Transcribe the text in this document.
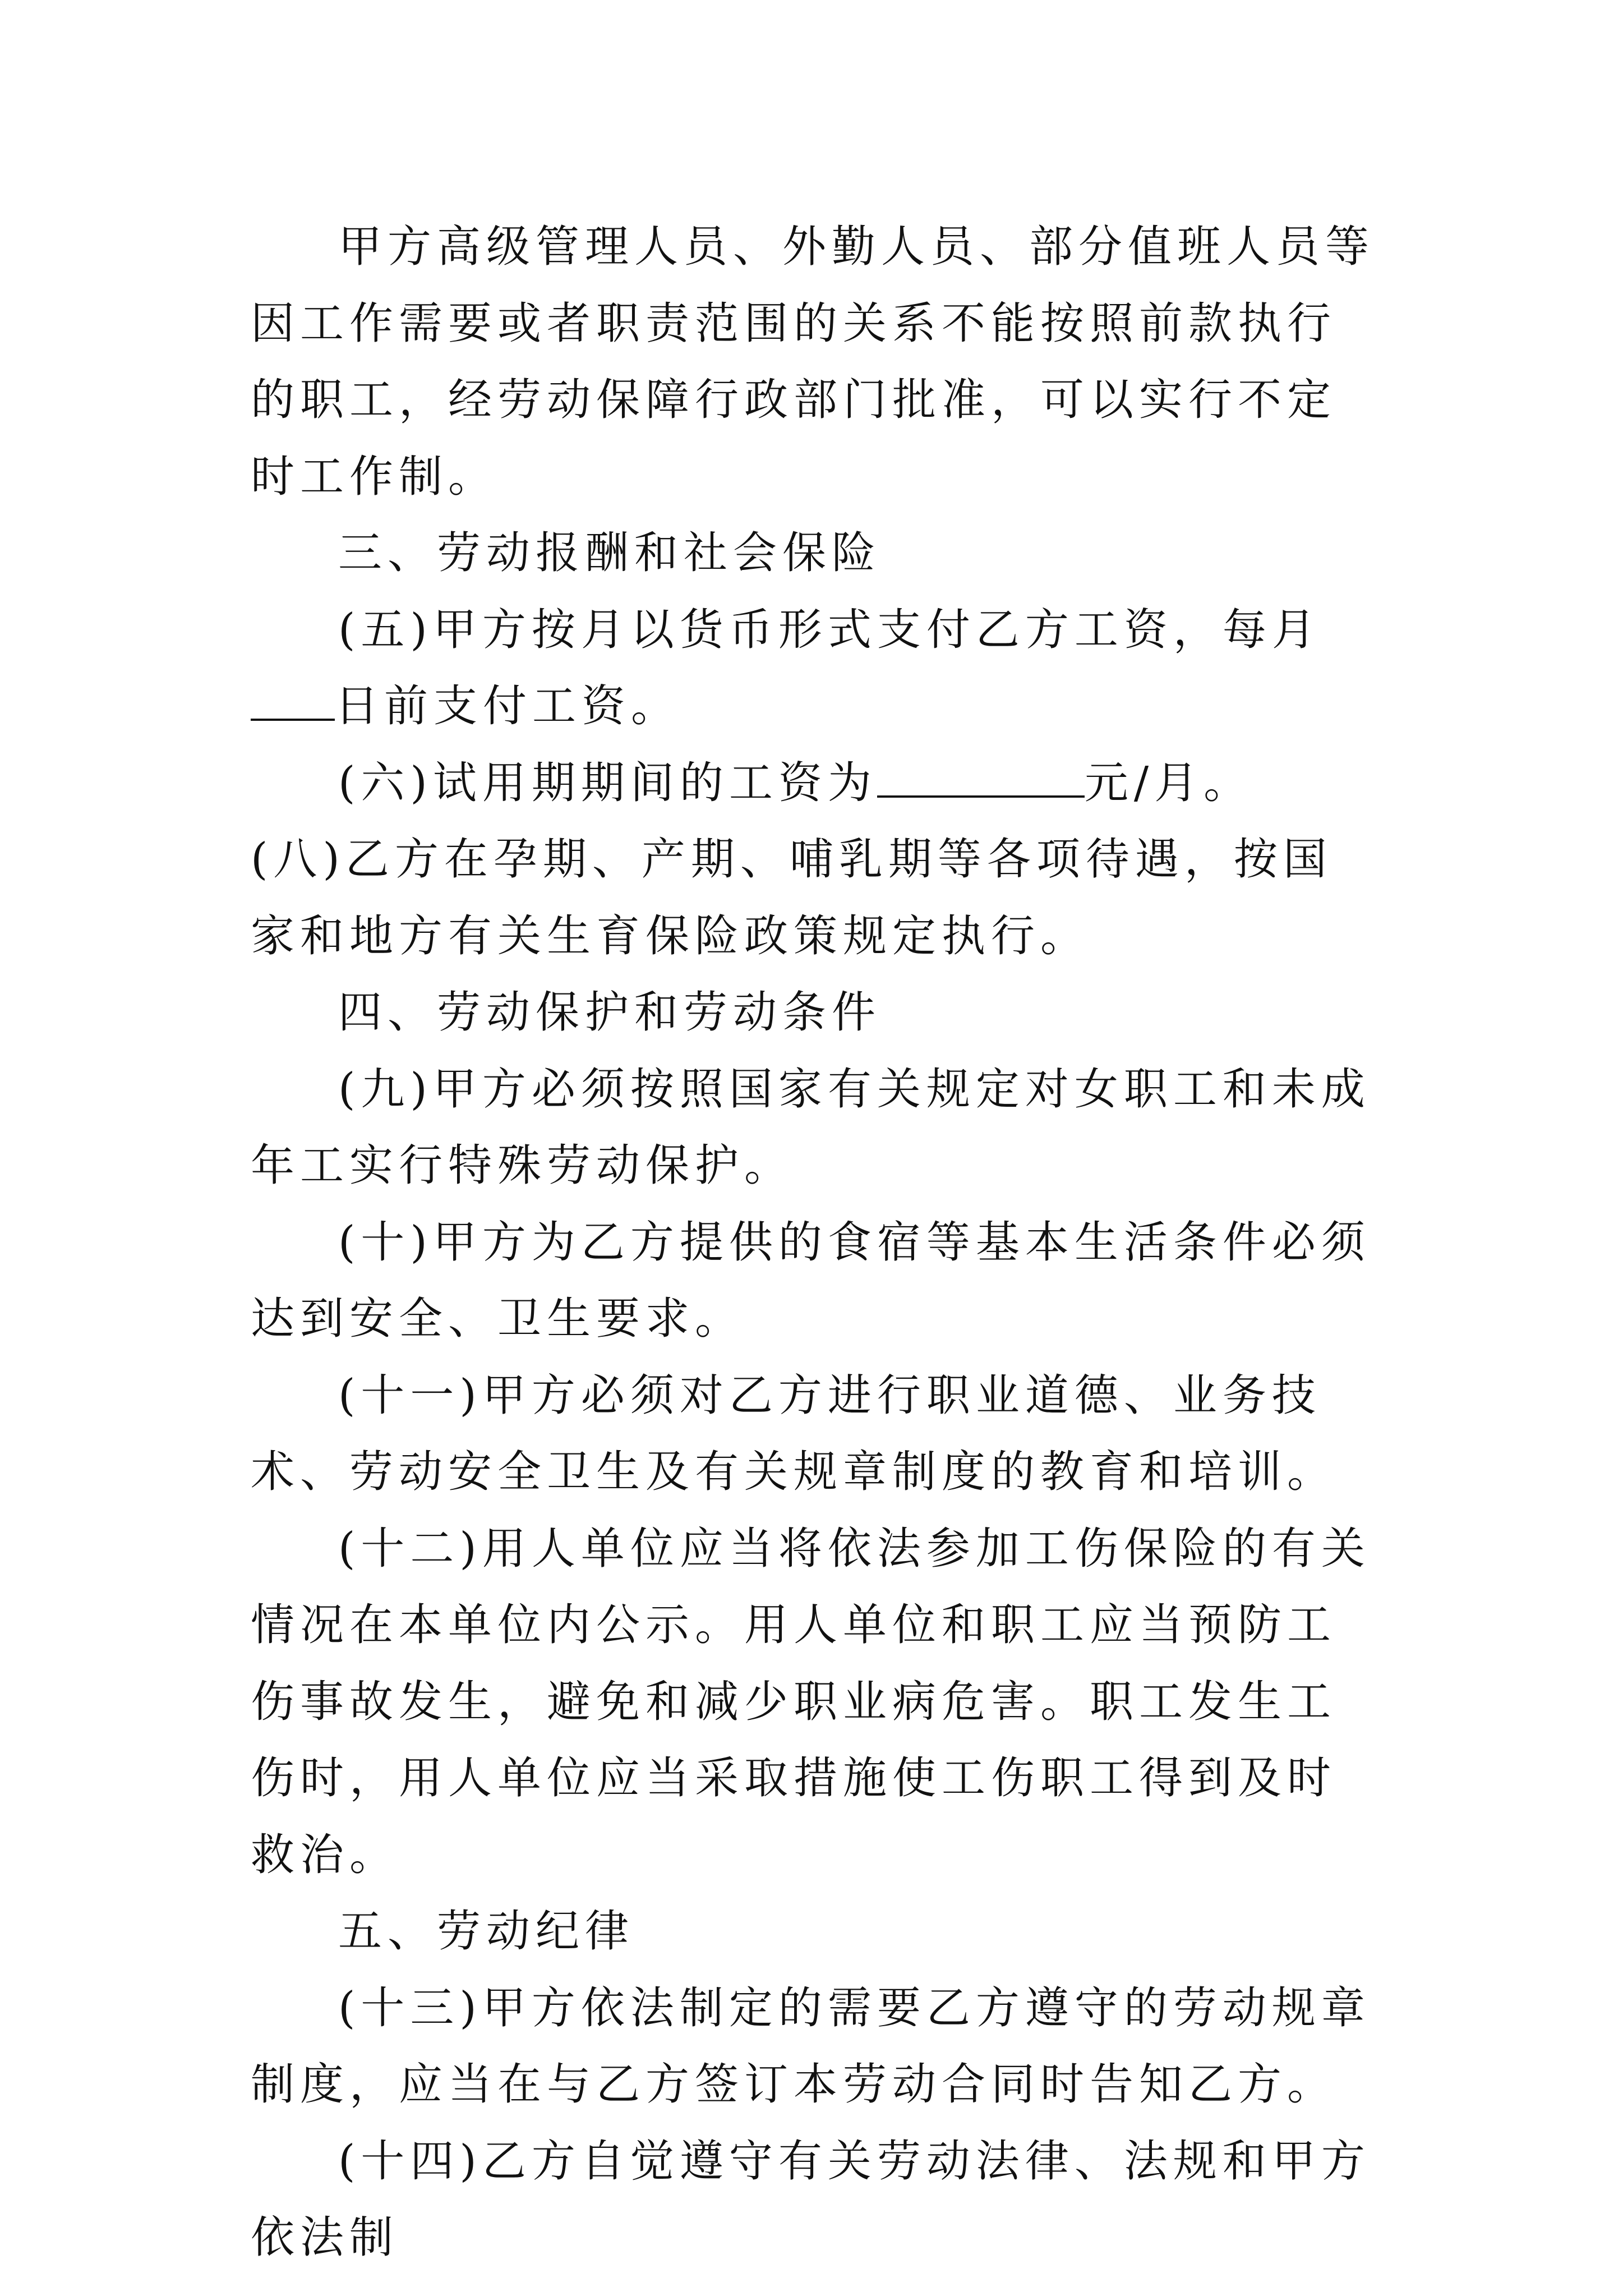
甲方高级管理人员、外勤人员、部分值班人员等因工作需要或者职责范围的关系不能按照前款执行的职工，经劳动保障行政部门批准，可以实行不定时工作制。

三、劳动报酬和社会保险

(五)甲方按月以货币形式支付乙方工资，每月日前支付工资。

(六)试用期期间的工资为	元/月。　　(八)乙方在孕期、产期、哺乳期等各项待遇，按国家和地方有关生育保险政策规定执行。

四、劳动保护和劳动条件

(九)甲方必须按照国家有关规定对女职工和未成年工实行特殊劳动保护。

(十)甲方为乙方提供的食宿等基本生活条件必须达到安全、卫生要求。

(十一)甲方必须对乙方进行职业道德、业务技术、劳动安全卫生及有关规章制度的教育和培训。

(十二)用人单位应当将依法参加工伤保险的有关情况在本单位内公示。用人单位和职工应当预防工伤事故发生，避免和减少职业病危害。职工发生工伤时，用人单位应当采取措施使工伤职工得到及时救治。

五、劳动纪律

(十三)甲方依法制定的需要乙方遵守的劳动规章制度，应当在与乙方签订本劳动合同时告知乙方。

(十四)乙方自觉遵守有关劳动法律、法规和甲方依法制
